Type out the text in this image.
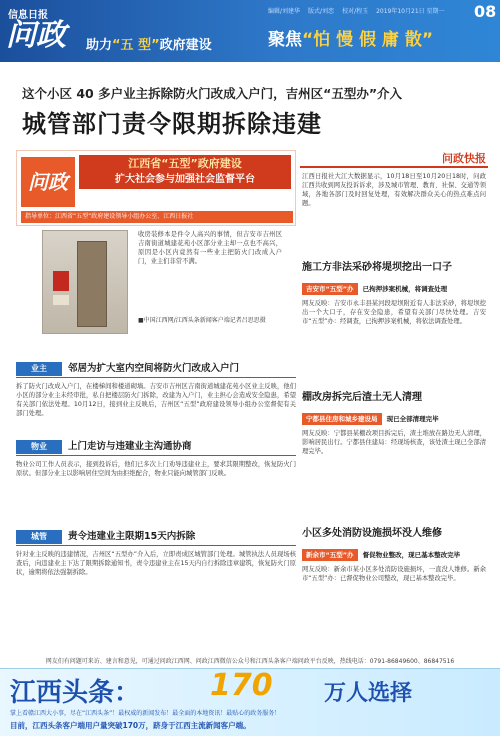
信息日报
问政	助力“五 型”政府建设
编辑/刘建华 版式/刘恋 校对/程玉 2019年10月21日 星期一 08
聚焦“怕 慢 假 庸 散”
这个小区 40 多户业主拆除防火门改成入户门，吉州区“五型办”介入
城管部门责令限期拆除违建
问政
江西省“五型”政府建设
扩大社会参与加强社会监督平台
指导单位：江西省“五型”政府建设领导小组办公室、江西日报社
收房装修本是件令人高兴的事情，但吉安市吉州区吉南街道城建花苑小区部分业主却一点也不高兴，原因是小区内竟然有一些业主把防火门改成入户门，业主们非常不满。
■中国江西网/江西头条新闻客户端记者吕思思摄
业主	邻居为扩大室内空间将防火门改成入户门
拆了防火门改成入户门，在楼梯间和楼道砌墙。吉安市吉州区吉南街道城建花苑小区业主反映，他们小区的部分业主未经审批，私自把楼层防火门拆除，改建为入户门，业主担心会造成安全隐患，希望有关部门依法处理。10月12日，接到业主反映后，吉州区“五型”政府建设领导小组办公室督促有关部门处理。
物业	上门走访与违建业主沟通协商
物业公司工作人员表示，接到投诉后，他们已多次上门劝导违建业主，要求其限期整改，恢复防火门原状。但部分业主以影响居住空间为由拒绝配合，物业只能向城管部门反映。
城管	责令违建业主限期15天内拆除
针对业主反映的违建情况，吉州区“五型办”介入后，立即责成区城管部门处理。城管执法人员现场核查后，向违建业主下达了限期拆除通知书，责令违建业主在15天内自行拆除违章建筑，恢复防火门原状，逾期将依法强制拆除。
问政快报
江西日报社大江大数据显示，10月18日至10月20日18时，问政江西共收到网友投诉诉求，涉及城市管理、教育、社保、交通等领域，各地各部门及时回复处理，有效解决群众关心的热点难点问题。
施工方非法采砂将堤坝挖出一口子
吉安市“五型”办 已拘押涉案机械，将调查处理
网友反映：吉安市永丰县某河段堤坝附近有人非法采砂，将堤坝挖出一个大口子，存在安全隐患，希望有关部门尽快处理。吉安市“五型”办：经调查，已拘押涉案机械，将依法调查处理。
棚改房拆完后渣土无人清理
宁都县住房和城乡建设局 现已全部清理完毕
网友反映：宁都县某棚改项目拆完后，渣土堆放在路边无人清理，影响居民出行。宁都县住建局：经现场核查，该处渣土现已全部清理完毕。
小区多处消防设施损坏没人维修
新余市“五型”办 督促物业整改，现已基本整改完毕
网友反映：新余市某小区多处消防设施损坏，一直没人维修。新余市“五型”办：已督促物业公司整改，现已基本整改完毕。
网友们有问题可来访、建言和意见，可通过问政江西网、问政江西微信公众号和江西头条客户端问政平台反映，热线电话：0791-86849600、86847516
江西头条： 170 万人选择
掌上看赣江西大小事，尽在“江西头条”！最权威的新闻发布！最全面的本地资讯！最贴心的政务服务！
目前，江西头条客户端用户量突破170万，跻身于江西主流新闻客户端。
